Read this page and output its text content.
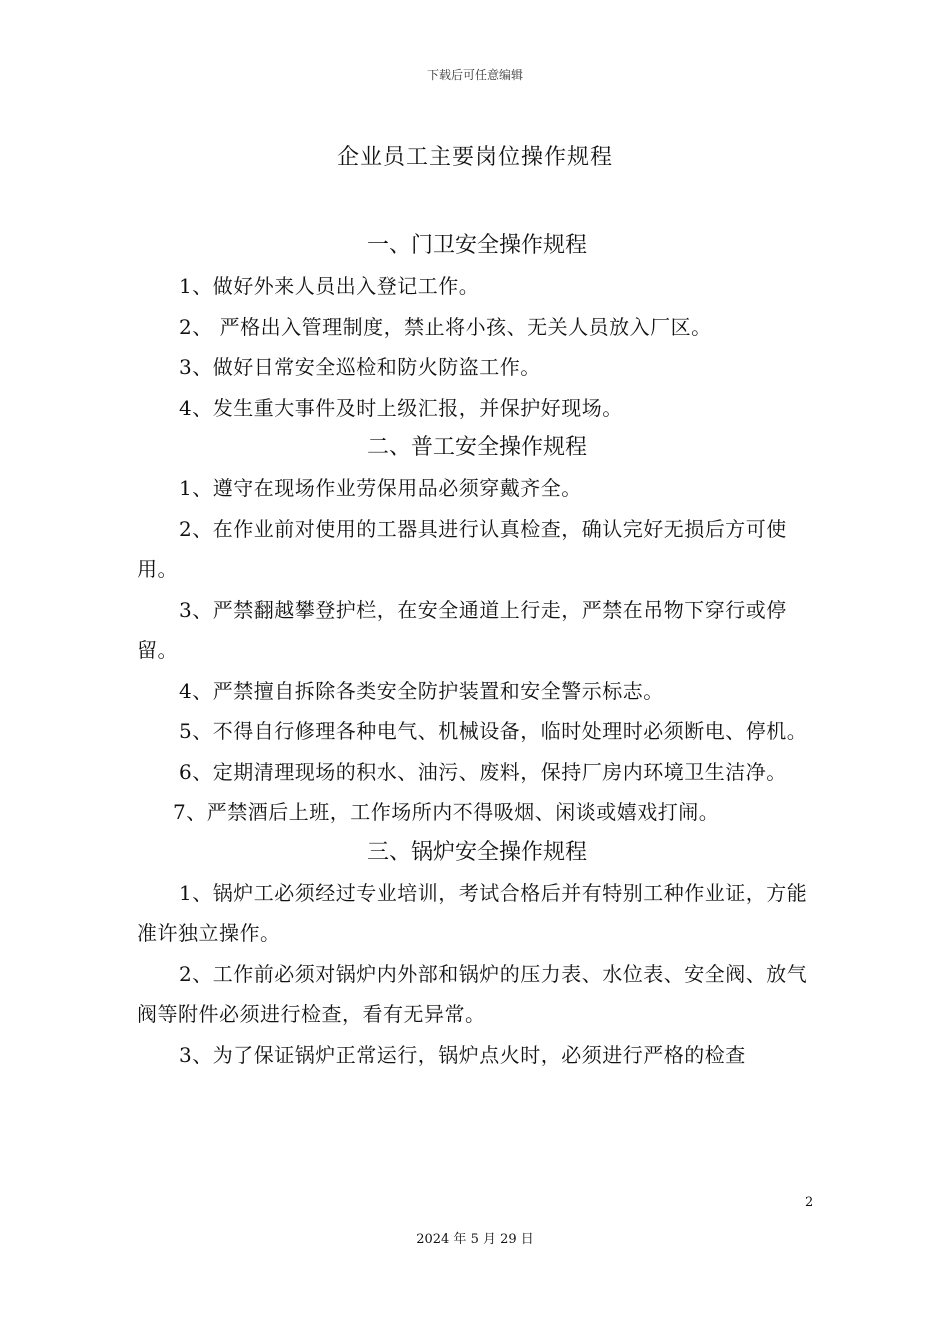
下载后可任意编辑
企业员工主要岗位操作规程
一、门卫安全操作规程

1、做好外来人员出入登记工作。

2、 严格出入管理制度，禁止将小孩、无关人员放入厂区。

3、做好日常安全巡检和防火防盗工作。

4、发生重大事件及时上级汇报，并保护好现场。

二、普工安全操作规程

1、遵守在现场作业劳保用品必须穿戴齐全。

2、在作业前对使用的工器具进行认真检查，确认完好无损后方可使用。

3、严禁翻越攀登护栏，在安全通道上行走，严禁在吊物下穿行或停留。

4、严禁擅自拆除各类安全防护装置和安全警示标志。

5、不得自行修理各种电气、机械设备，临时处理时必须断电、停机。

6、定期清理现场的积水、油污、废料，保持厂房内环境卫生洁净。

7、严禁酒后上班，工作场所内不得吸烟、闲谈或嬉戏打闹。

三、锅炉安全操作规程

1、锅炉工必须经过专业培训，考试合格后并有特别工种作业证，方能准许独立操作。

2、工作前必须对锅炉内外部和锅炉的压力表、水位表、安全阀、放气阀等附件必须进行检查，看有无异常。

3、为了保证锅炉正常运行，锅炉点火时，必须进行严格的检查

2
2024 年 5 月 29 日
